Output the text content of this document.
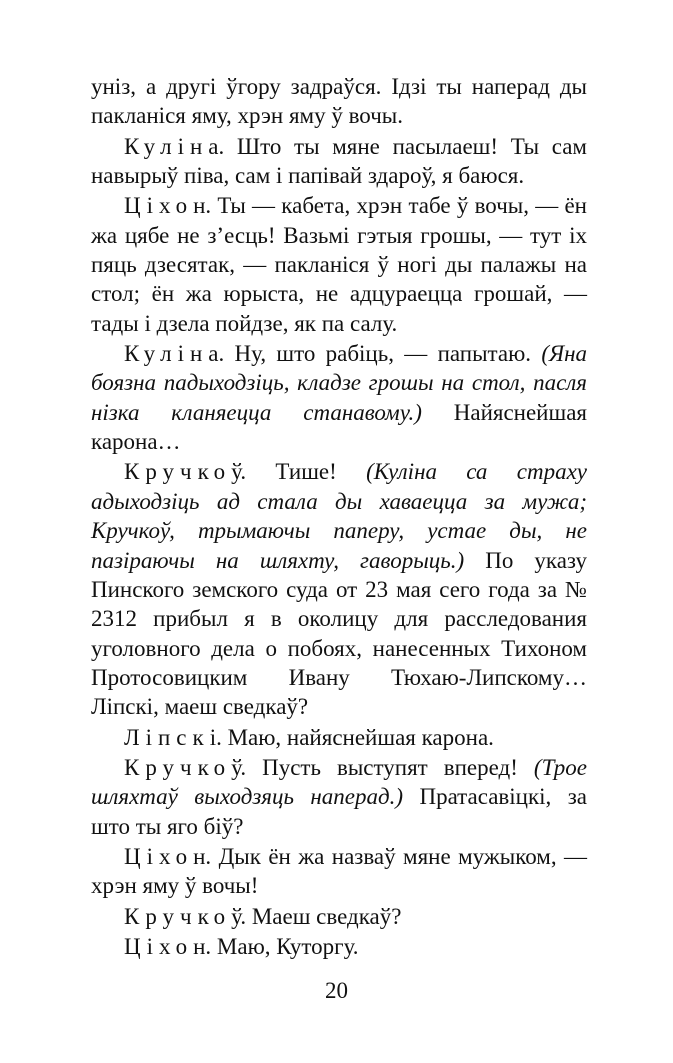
уніз, а другі ўгору задраўся. Ідзі ты наперад ды пакланіся яму, хрэн яму ў вочы.

Куліна. Што ты мяне пасылаеш! Ты сам навырыў піва, сам і папівай здароў, я баюся.

Ціхон. Ты — кабета, хрэн табе ў вочы, — ён жа цябе не з’есць! Вазьмі гэтыя грошы, — тут іх пяць дзесятак, — пакланіся ў ногі ды палажы на стол; ён жа юрыста, не адцураецца грошай, — тады і дзела пойдзе, як па салу.

Куліна. Ну, што рабіць, — папытаю. (Яна боязна падыходзіць, кладзе грошы на стол, пасля нізка кланяецца станавому.) Найяснейшая карона…

Кручкоў. Тише! (Куліна са страху адыходзіць ад стала ды хаваецца за мужа; Кручкоў, трымаючы паперу, устае ды, не пазіраючы на шляхту, гаворыць.) По указу Пинского земского суда от 23 мая сего года за № 2312 прибыл я в околицу для расследования уголовного дела о побоях, нанесенных Тихоном Протосовицким Ивану Тюхаю-Липскому… Ліпскі, маеш сведкаў?

Ліпскі. Маю, найяснейшая карона.

Кручкоў. Пусть выступят вперед! (Трое шляхтаў выходзяць наперад.) Пратасавіцкі, за што ты яго біў?

Ціхон. Дык ён жа назваў мяне мужыком, — хрэн яму ў вочы!

Кручкоў. Маеш сведкаў?

Ціхон. Маю, Куторгу.

20
